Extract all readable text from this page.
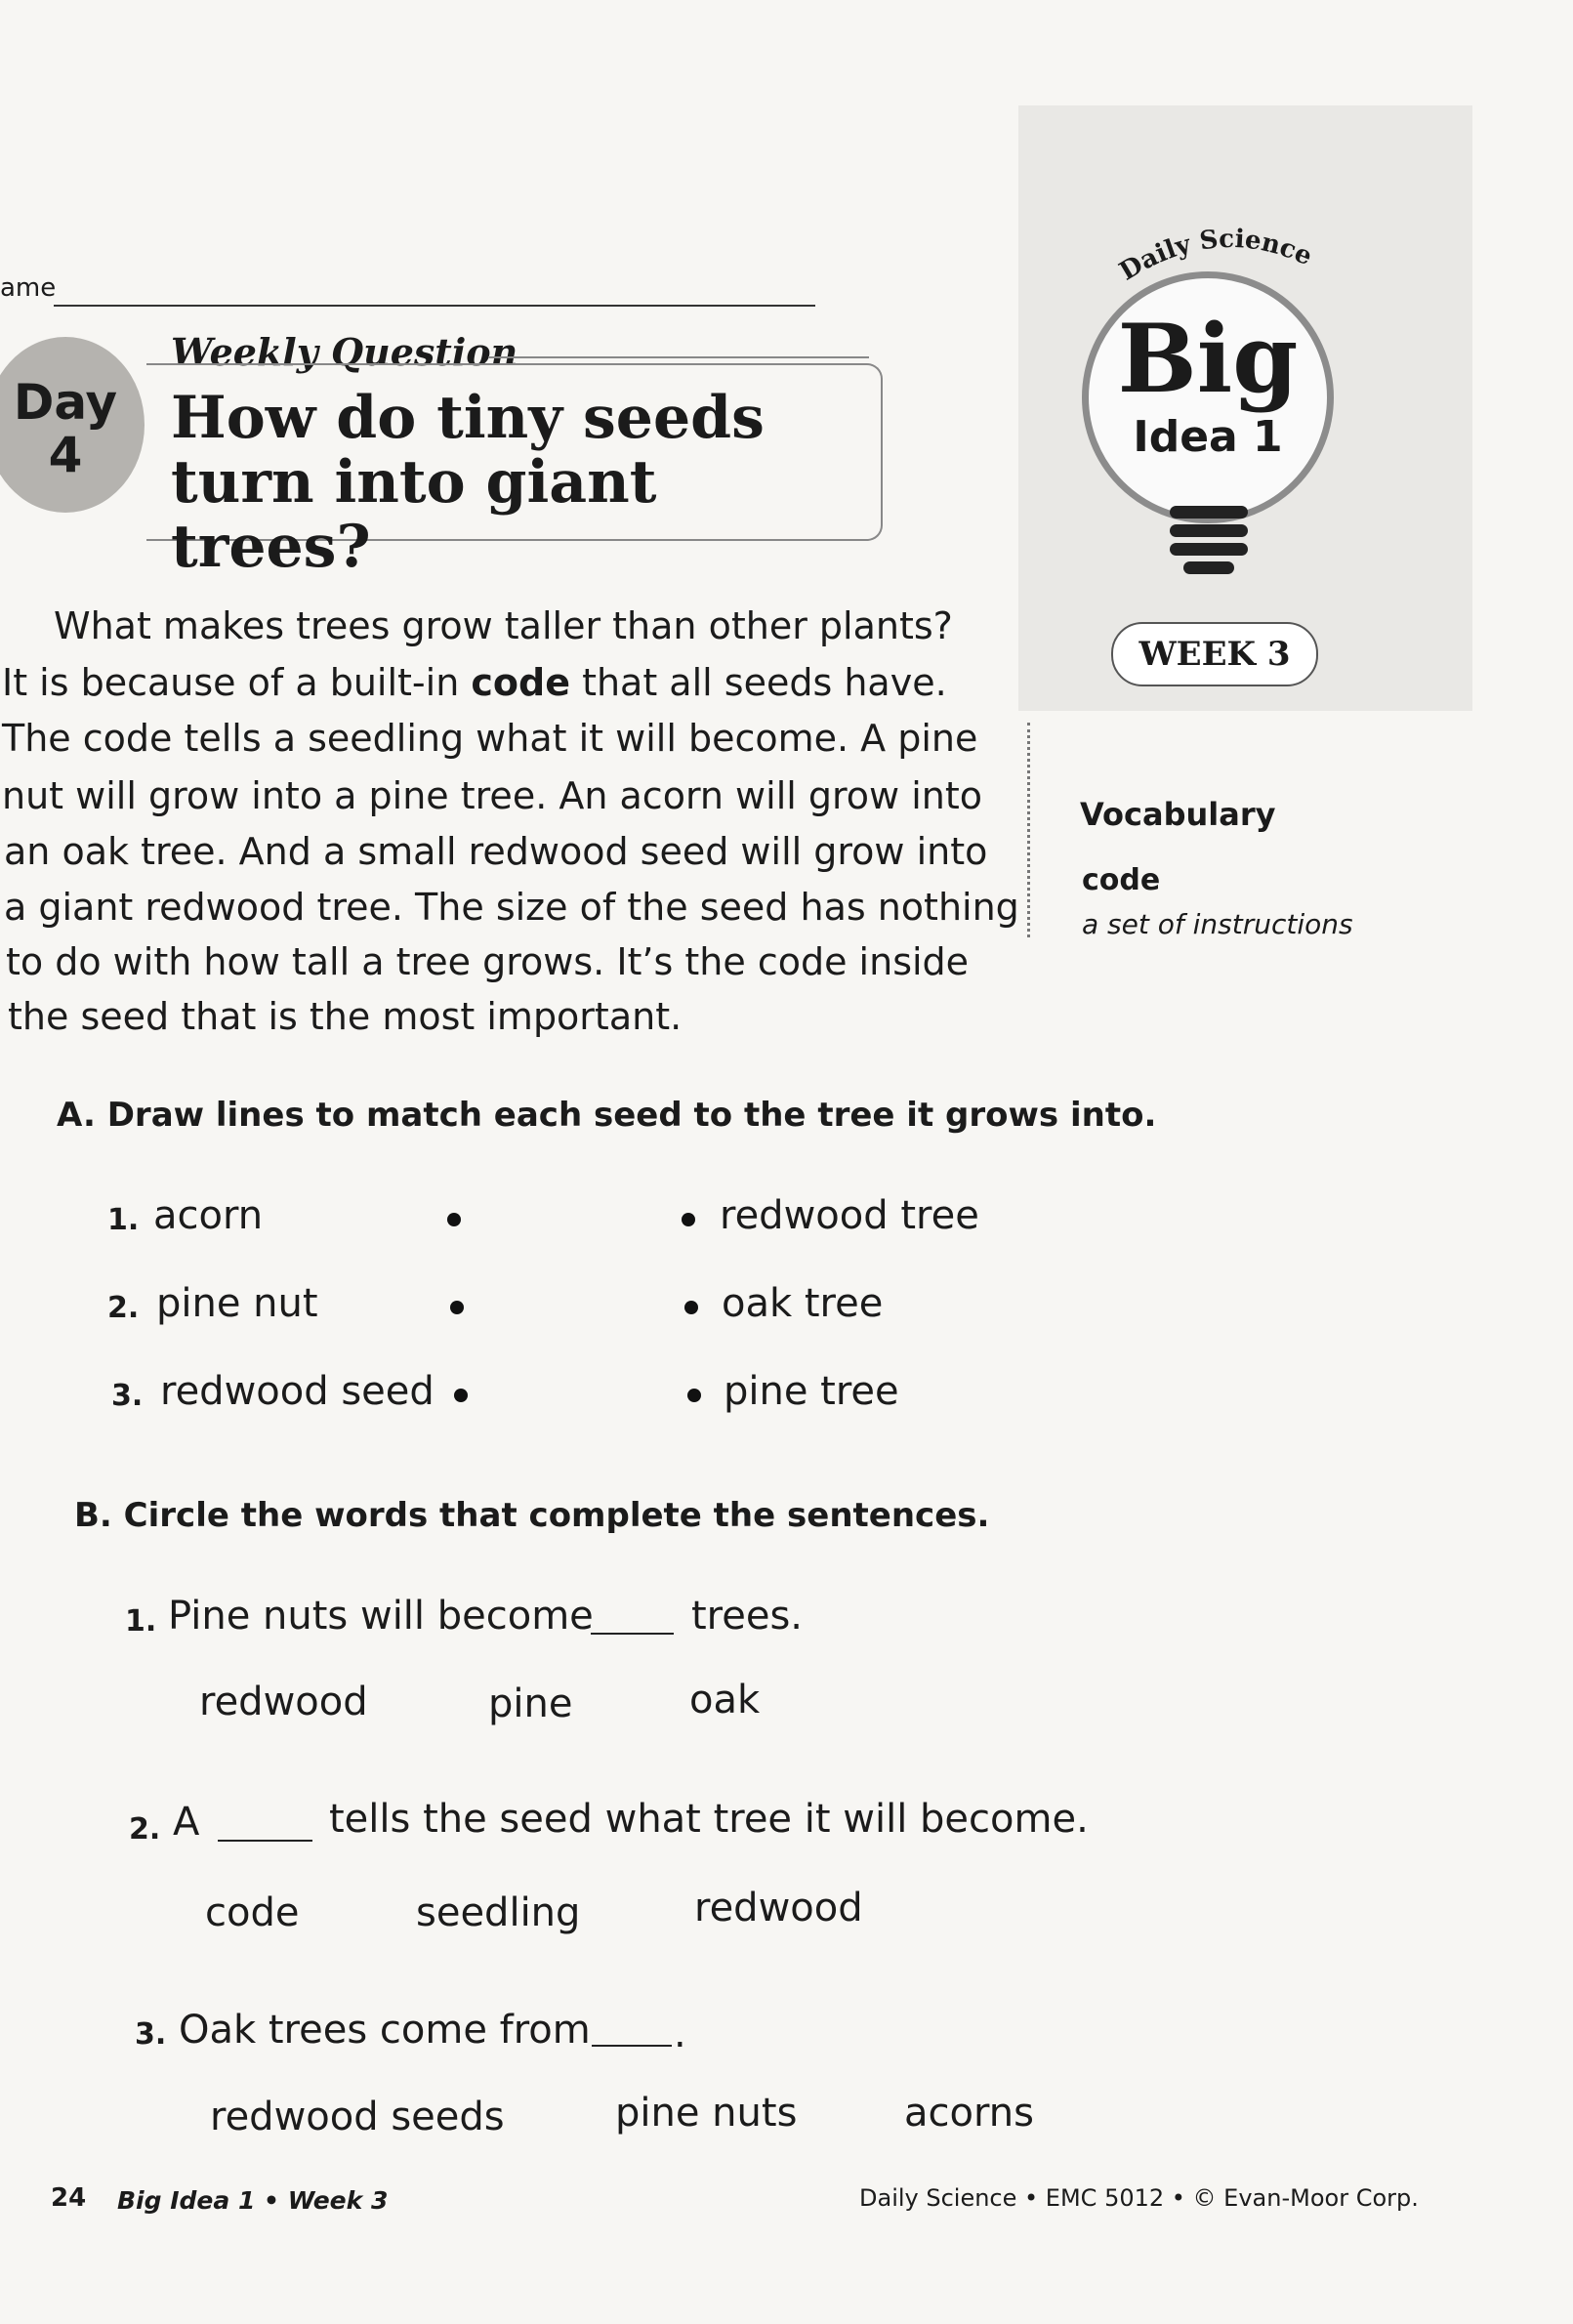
ame
Day
4
Weekly Question
How do tiny seeds turn into giant trees?
Daily Science
Big
Idea 1
WEEK 3
Vocabulary
code
a set of instructions
What makes trees grow taller than other plants?
It is because of a built-in code that all seeds have.
The code tells a seedling what it will become. A pine
nut will grow into a pine tree. An acorn will grow into
an oak tree. And a small redwood seed will grow into
a giant redwood tree. The size of the seed has nothing
to do with how tall a tree grows. It’s the code inside
the seed that is the most important.
A. Draw lines to match each seed to the tree it grows into.
1. acorn	redwood tree
2. pine nut	oak tree
3. redwood seed	pine tree
B. Circle the words that complete the sentences.
1. Pine nuts will become	trees.
redwood	pine	oak
2. A	tells the seed what tree it will become.
code	seedling	redwood
3. Oak trees come from .
redwood seeds	pine nuts	acorns
24 Big Idea 1 • Week 3	Daily Science • EMC 5012 • © Evan-Moor Corp.
